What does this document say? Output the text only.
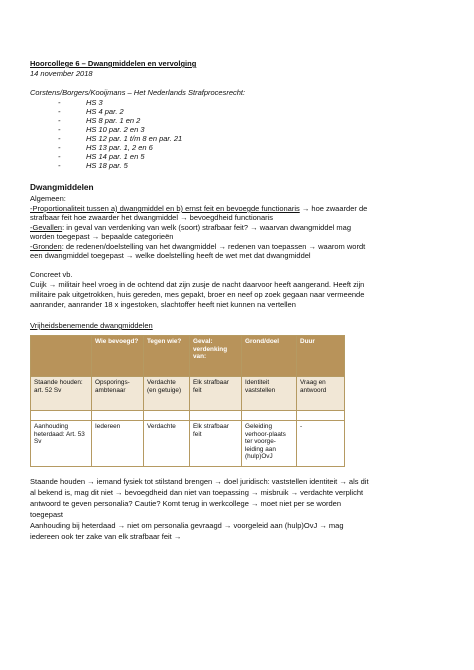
Hoorcollege 6 – Dwangmiddelen en vervolging
14 november 2018
Corstens/Borgers/Kooijmans – Het Nederlands Strafprocesrecht:
-	HS 3
-	HS 4 par. 2
-	HS 8 par. 1 en 2
-	HS 10 par. 2 en 3
-	HS 12 par. 1 t/m 8 en par. 21
-	HS 13 par. 1, 2 en 6
-	HS 14 par. 1 en 5
-	HS 18 par. 5
Dwangmiddelen
Algemeen:
-Proportionaliteit tussen a) dwangmiddel en b) ernst feit en bevoegde functionaris → hoe zwaarder de
strafbaar feit hoe zwaarder het dwangmiddel → bevoegdheid functionaris
-Gevallen: in geval van verdenking van welk (soort) strafbaar feit? → waarvan dwangmiddel mag
worden toegepast → bepaalde categorieën
-Gronden: de redenen/doelstelling van het dwangmiddel → redenen van toepassen → waarom wordt
een dwangmiddel toegepast → welke doelstelling heeft de wet met dat dwangmiddel
Concreet vb.
Cuijk → militair heel vroeg in de ochtend dat zijn zusje de nacht daarvoor heeft aangerand. Heeft zijn
militaire pak uitgetrokken, huis gereden, mes gepakt, broer en neef op zoek gegaan naar vermeende
aanrander, aanrander 18 x ingestoken, slachtoffer heeft niet kunnen na vertellen
Vrijheidsbenemende dwangmiddelen
	Wie bevoegd?	Tegen wie?	Geval: verdenking van:	Grond/doel	Duur
Staande houden: art. 52 Sv	Opsporings-ambtenaar	Verdachte (en getuige)	Elk strafbaar feit	Identiteit vaststellen	Vraag en antwoord

Aanhouding heterdaad: Art. 53 Sv	Iedereen	Verdachte	Elk strafbaar feit	Geleiding verhoor-plaats ter voorge-leiding aan (hulp)OvJ	-
Staande houden → iemand fysiek tot stilstand brengen → doel juridisch: vaststellen identiteit → als dit
al bekend is, mag dit niet → bevoegdheid dan niet van toepassing → misbruik → verdachte verplicht
antwoord te geven personalia? Cautie? Komt terug in werkcollege → moet niet per se worden
toegepast
Aanhouding bij heterdaad → niet om personalia gevraagd → voorgeleid aan (hulp)OvJ → mag
iedereen ook ter zake van elk strafbaar feit →
